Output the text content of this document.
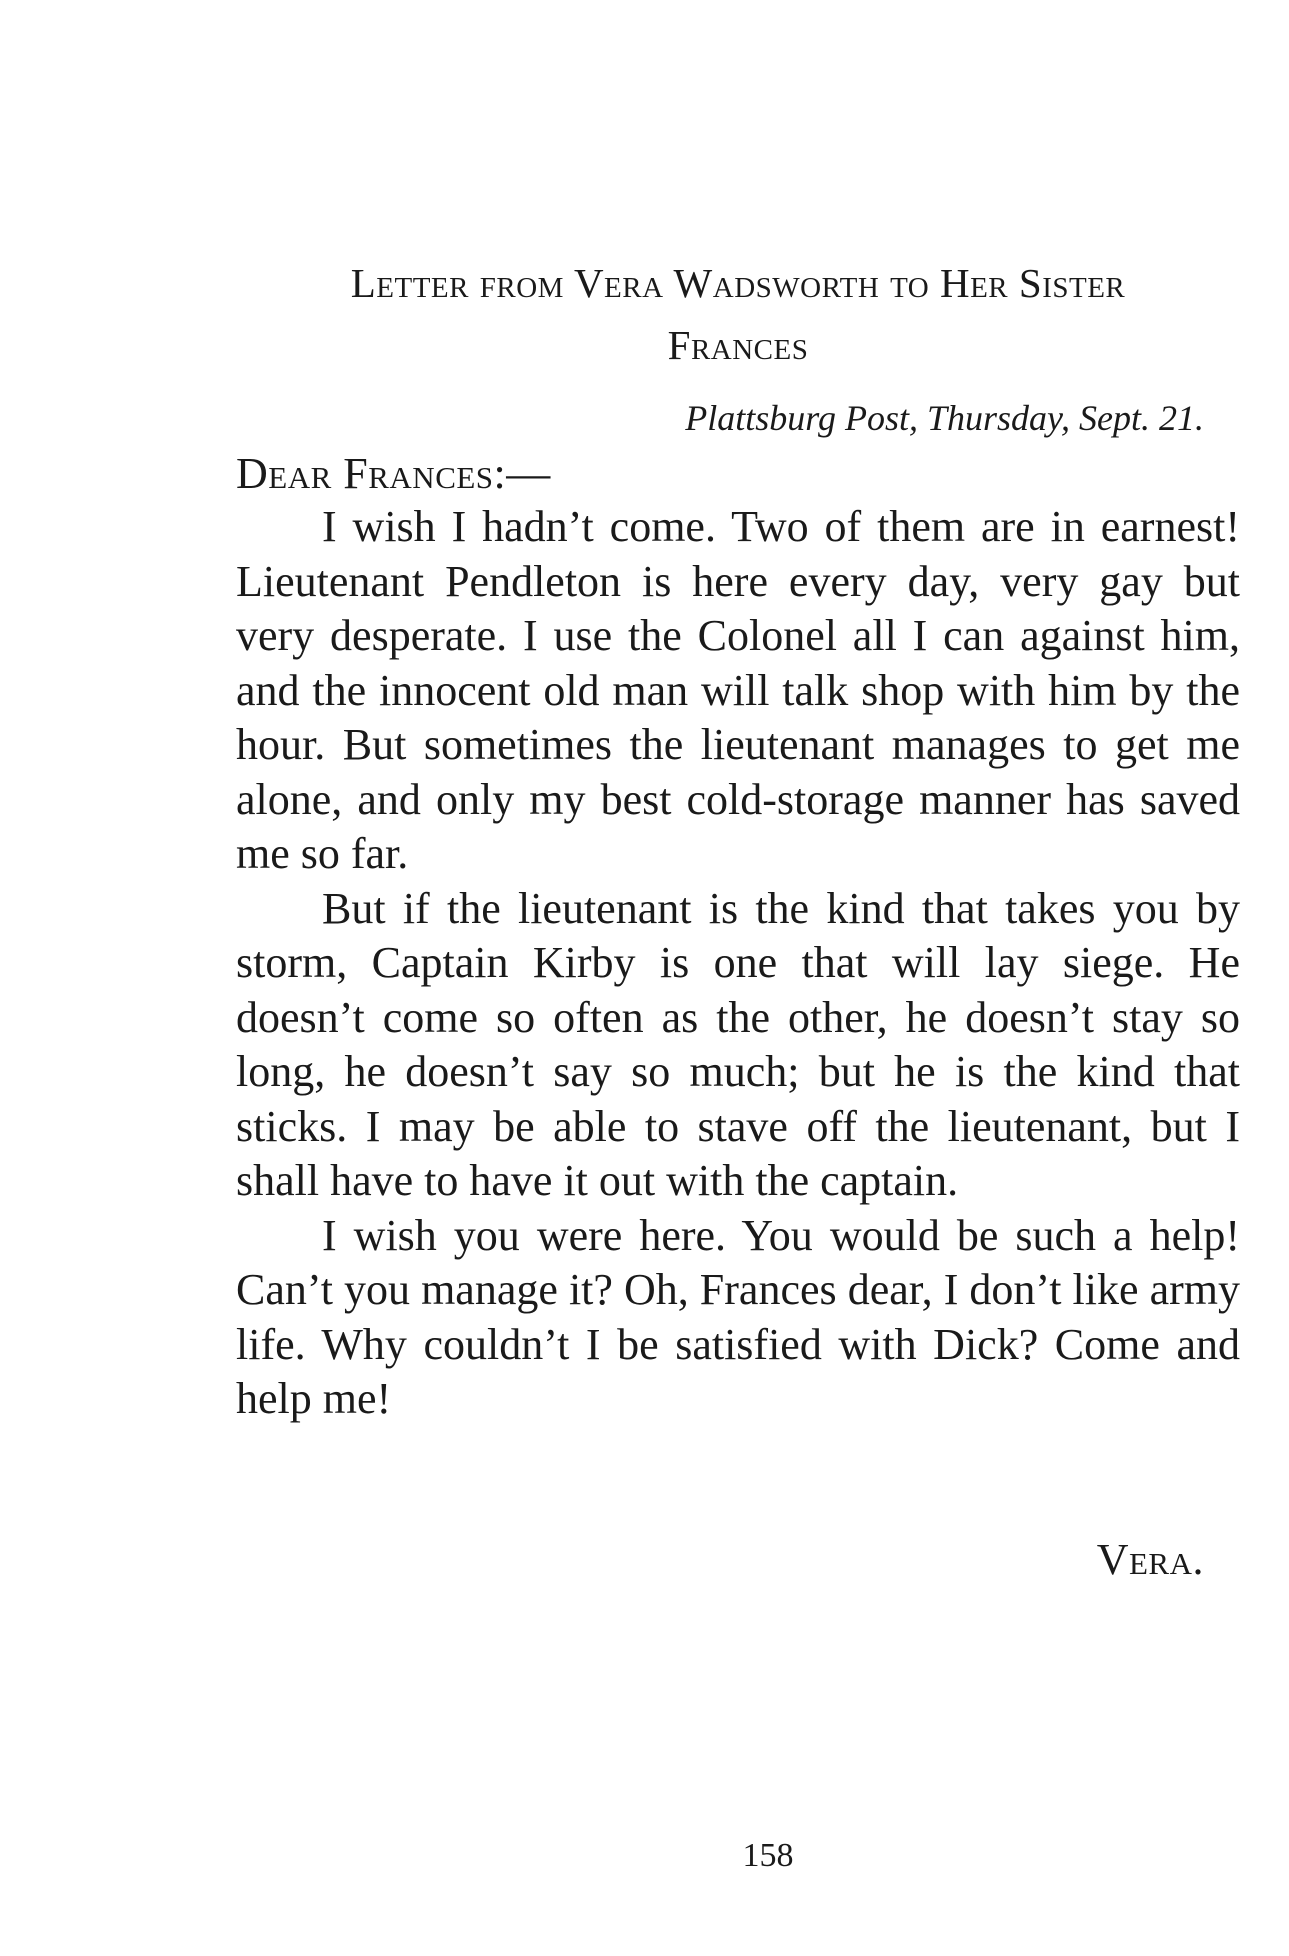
Letter from Vera Wadsworth to Her Sister
Frances
Plattsburg Post, Thursday, Sept. 21.
Dear Frances:—

I wish I hadn’t come. Two of them are in earnest! Lieutenant Pendleton is here every day, very gay but very desperate. I use the Colonel all I can against him, and the innocent old man will talk shop with him by the hour. But sometimes the lieutenant manages to get me alone, and only my best cold-storage manner has saved me so far.

But if the lieutenant is the kind that takes you by storm, Captain Kirby is one that will lay siege. He doesn’t come so often as the other, he doesn’t stay so long, he doesn’t say so much; but he is the kind that sticks. I may be able to stave off the lieutenant, but I shall have to have it out with the captain.

I wish you were here. You would be such a help! Can’t you manage it? Oh, Frances dear, I don’t like army life. Why couldn’t I be satisfied with Dick? Come and help me!

Vera.
158
